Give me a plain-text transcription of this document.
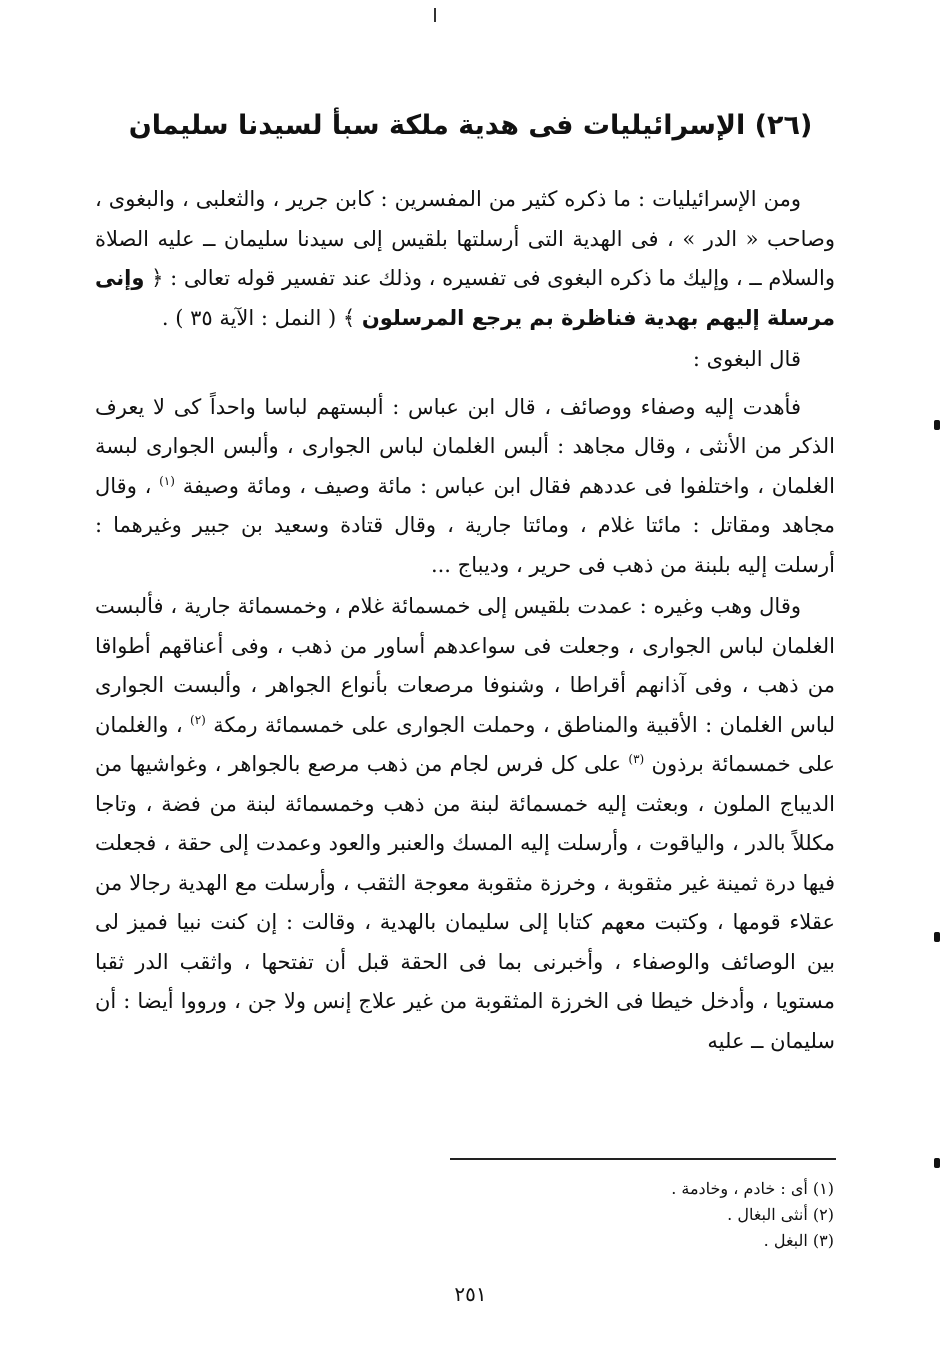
(٢٦) الإسرائيليات فى هدية ملكة سبأ لسيدنا سليمان

ومن الإسرائيليات : ما ذكره كثير من المفسرين : كابن جرير ، والثعلبى ، والبغوى ، وصاحب « الدر » ، فى الهدية التى أرسلتها بلقيس إلى سيدنا سليمان ــ عليه الصلاة والسلام ــ ، وإليك ما ذكره البغوى فى تفسيره ، وذلك عند تفسير قوله تعالى : ﴿ وإنى مرسلة إليهم بهدية فناظرة بم يرجع المرسلون ﴾ ( النمل : الآية ٣٥ ) .

قال البغوى :

فأهدت إليه وصفاء ووصائف ، قال ابن عباس : ألبستهم لباسا واحداً كى لا يعرف الذكر من الأنثى ، وقال مجاهد : ألبس الغلمان لباس الجوارى ، وألبس الجوارى لبسة الغلمان ، واختلفوا فى عددهم فقال ابن عباس : مائة وصيف ، ومائة وصيفة $^{(١)}$ ، وقال مجاهد ومقاتل : مائتا غلام ، ومائتا جارية ، وقال قتادة وسعيد بن جبير وغيرهما : أرسلت إليه بلبنة من ذهب فى حرير ، وديباج ...

وقال وهب وغيره : عمدت بلقيس إلى خمسمائة غلام ، وخمسمائة جارية ، فألبست الغلمان لباس الجوارى ، وجعلت فى سواعدهم أساور من ذهب ، وفى أعناقهم أطواقا من ذهب ، وفى آذانهم أقراطا ، وشنوفا مرصعات بأنواع الجواهر ، وألبست الجوارى لباس الغلمان : الأقبية والمناطق ، وحملت الجوارى على خمسمائة رمكة $^{(٢)}$ ، والغلمان على خمسمائة برذون $^{(٣)}$ على كل فرس لجام من ذهب مرصع بالجواهر ، وغواشيها من الديباج الملون ، وبعثت إليه خمسمائة لبنة من ذهب وخمسمائة لبنة من فضة ، وتاجا مكللاً بالدر ، والياقوت ، وأرسلت إليه المسك والعنبر والعود وعمدت إلى حقة ، فجعلت فيها درة ثمينة غير مثقوبة ، وخرزة مثقوبة معوجة الثقب ، وأرسلت مع الهدية رجالا من عقلاء قومها ، وكتبت معهم كتابا إلى سليمان بالهدية ، وقالت : إن كنت نبيا فميز لى بين الوصائف والوصفاء ، وأخبرنى بما فى الحقة قبل أن تفتحها ، واثقب الدر ثقبا مستويا ، وأدخل خيطا فى الخرزة المثقوبة من غير علاج إنس ولا جن ، ورووا أيضا : أن سليمان ــ عليه

(١) أى : خادم ، وخادمة .
(٢) أنثى البغال .
(٣) البغل .
٢٥١
